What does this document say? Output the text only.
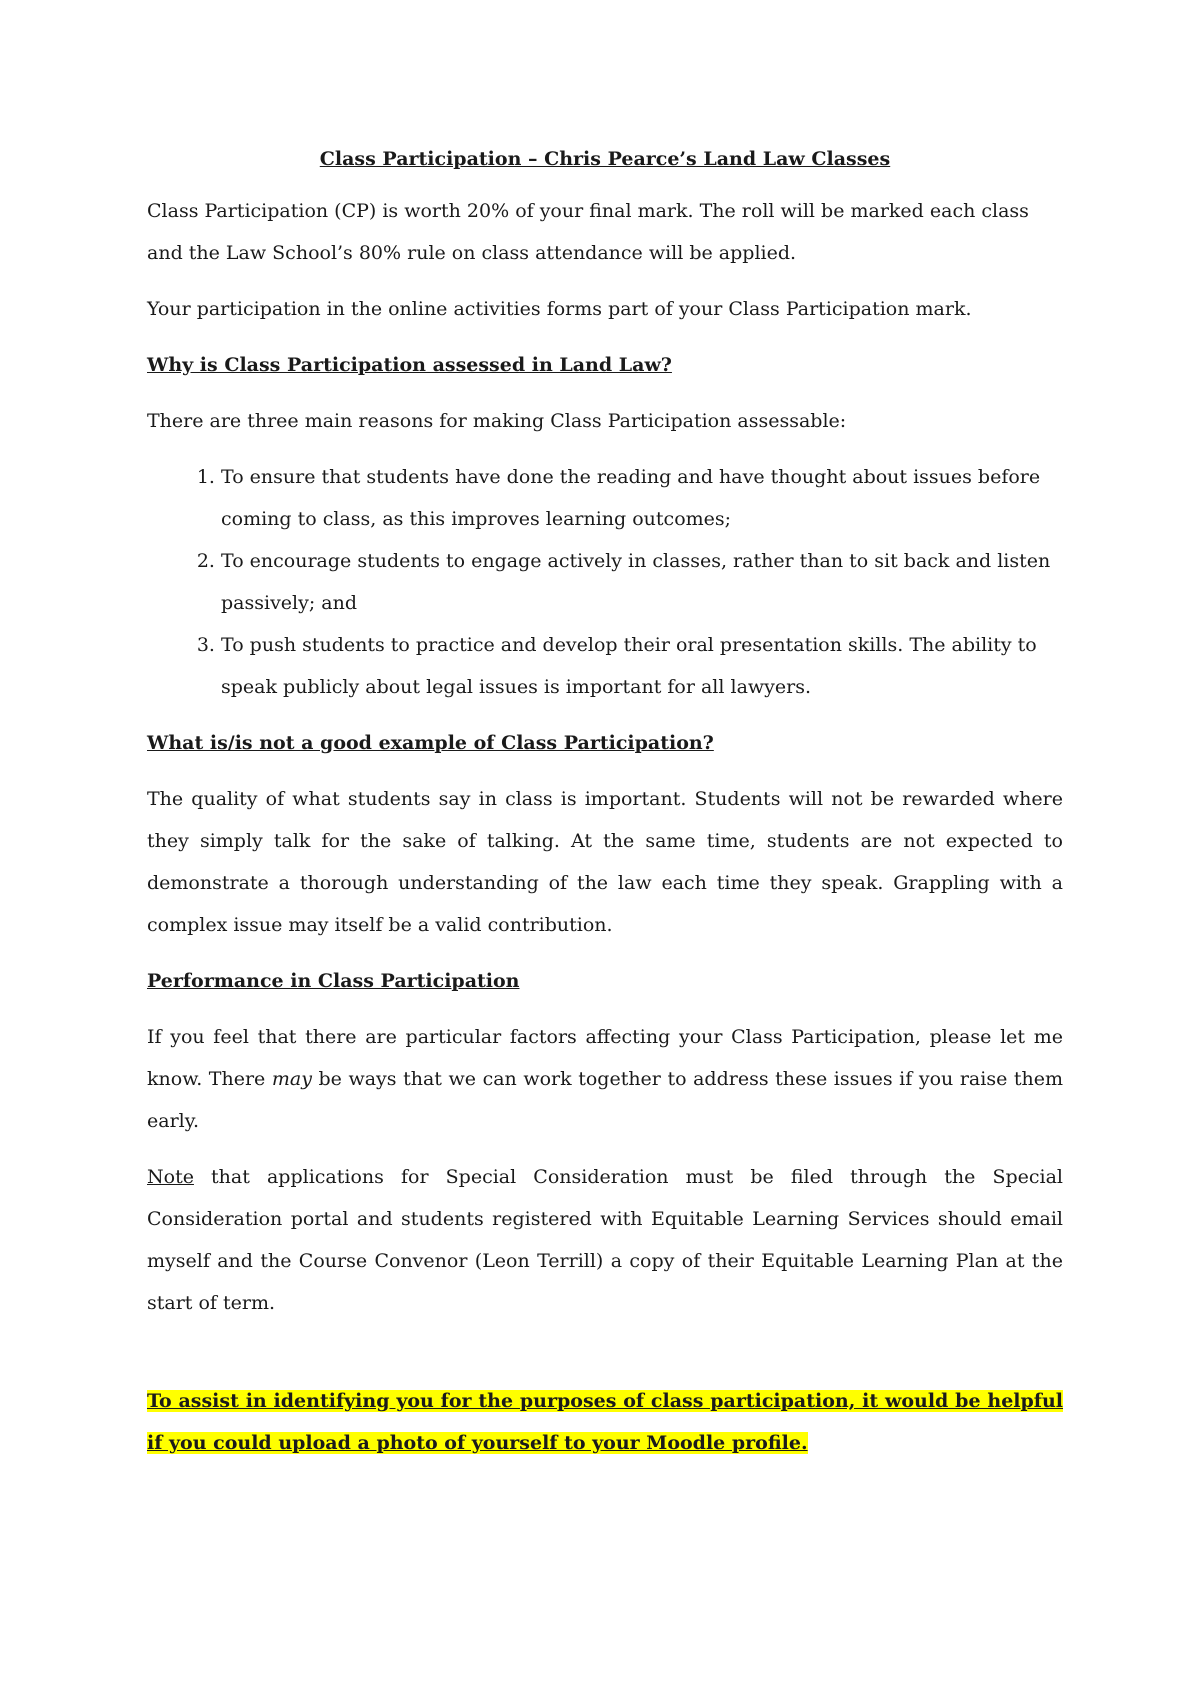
Class Participation – Chris Pearce’s Land Law Classes

Class Participation (CP) is worth 20% of your final mark. The roll will be marked each class and the Law School’s 80% rule on class attendance will be applied.

Your participation in the online activities forms part of your Class Participation mark.

Why is Class Participation assessed in Land Law?

There are three main reasons for making Class Participation assessable:

1. To ensure that students have done the reading and have thought about issues before coming to class, as this improves learning outcomes;
2. To encourage students to engage actively in classes, rather than to sit back and listen passively; and
3. To push students to practice and develop their oral presentation skills. The ability to speak publicly about legal issues is important for all lawyers.
What is/is not a good example of Class Participation?

The quality of what students say in class is important. Students will not be rewarded where they simply talk for the sake of talking. At the same time, students are not expected to demonstrate a thorough understanding of the law each time they speak. Grappling with a complex issue may itself be a valid contribution.

Performance in Class Participation

If you feel that there are particular factors affecting your Class Participation, please let me know. There may be ways that we can work together to address these issues if you raise them early.

Note that applications for Special Consideration must be filed through the Special Consideration portal and students registered with Equitable Learning Services should email myself and the Course Convenor (Leon Terrill) a copy of their Equitable Learning Plan at the start of term.

To assist in identifying you for the purposes of class participation, it would be helpful if you could upload a photo of yourself to your Moodle profile.
